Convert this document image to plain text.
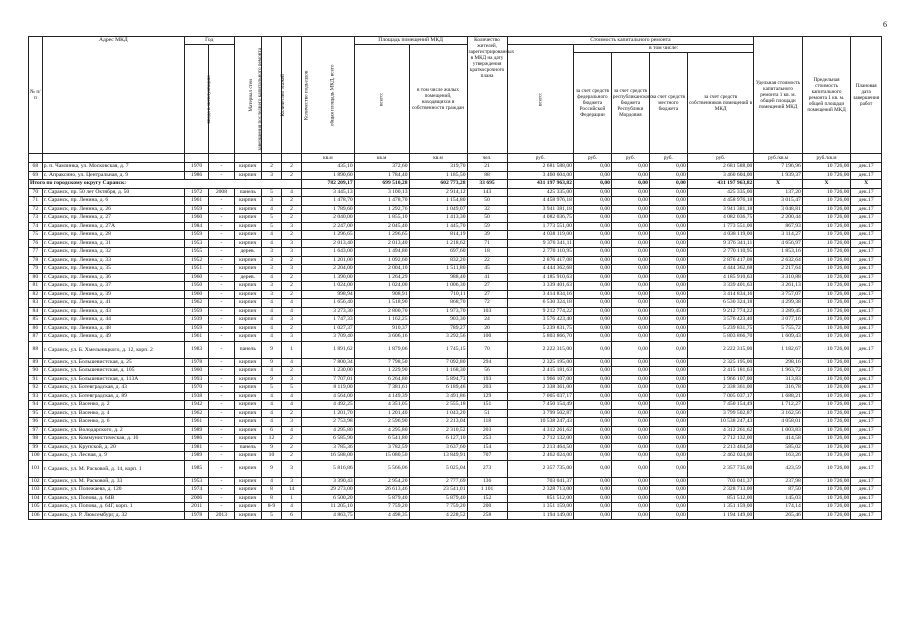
6
№ п/п	Адрес МКД	Год		Материал стен	Количество этажей	Количество подъездов	общая площадь МКД, всего	Площадь помещений МКД		Количество жителей, зарегистрированных в МКД на дату утверждения краткосрочного плана	Стоимость капитального ремонта					Удельная стоимость капитального ремонта 1 кв. м. общей площади помещений МКД	Предельная стоимость капитального ремонта 1 кв. м. общей площади помещений МКД	Плановая дата завершения работ
		ввода в эксплуатацию	завершения последнего капитального ремонта					всего:	в том числе жилых помещений, находящихся в собственности граждан		всего:	в том числе:						
												за счет средств федерального бюджета Российской Федерации	за счет средств республиканского бюджета Республики Мордовия	за счет средств местного бюджета	за счет средств собственников помещений в МКД			
							кв.м	кв.м	кв.м	чел.	руб.	руб.	руб.	руб.	руб.	руб./кв.м	руб./кв.м	
68	р. п. Чамзинка, ул. Московская, д. 7	1970	-	кирпич	2	2	435,10	372,60	319,70	21	2 681 588,00	0,00	0,00	0,00	2 681 588,00	7 196,96	10 726,00	дек.17
69	с. Апраксино, ул. Центральная, д. 9	1986	-	кирпич	3	2	1 890,60	1 784,40	1 185,50	88	3 460 604,00	0,00	0,00	0,00	3 460 604,00	1 939,37	10 726,00	дек.17
Итого по городскому округу Саранск:							782 209,17	699 510,28	602 773,28	33 695	431 197 963,82	0,00	0,00	0,00	431 197 963,82	Х	Х	Х
70	г. Саранск, пр. 50 лет Октября, д. 50	1972	2008	панель	5	4	3 445,13	3 100,13	2 914,12	143	425 335,00	0,00	0,00	0,00	425 335,00	137,20	10 726,00	дек.17
71	г. Саранск, пр. Ленина, д. 6	1961	-	кирпич	3	2	1 478,70	1 478,70	1 154,80	50	4 458 976,18	0,00	0,00	0,00	4 458 976,18	3 015,47	10 726,00	дек.17
72	г. Саранск, пр. Ленина, д. 26	1959	-	кирпич	4	2	1 789,60	1 292,76	1 049,07	32	3 941 381,18	0,00	0,00	0,00	3 941 381,18	3 048,81	10 726,00	дек.17
73	г. Саранск, пр. Ленина, д. 27	1960	-	кирпич	5	2	2 040,00	1 855,10	1 413,30	50	4 082 036,75	0,00	0,00	0,00	4 082 036,75	2 200,44	10 726,00	дек.17
74	г. Саранск, пр. Ленина, д. 27А	1984	-	кирпич	5	3	2 247,00	2 045,40	1 445,70	59	1 773 551,00	0,00	0,00	0,00	1 773 551,00	867,93	10 726,00	дек.17
75	г. Саранск, пр. Ленина, д. 28	1959	-	кирпич	4	2	1 296,65	1 296,65	814,19	39	4 038 119,00	0,00	0,00	0,00	4 038 119,00	3 114,27	10 726,00	дек.17
76	г. Саранск, пр. Ленина, д. 31	1953	-	кирпич	4	3	2 013,40	2 013,40	1 218,62	71	9 376 341,11	0,00	0,00	0,00	9 376 341,11	4 656,97	10 726,00	дек.17
77	г. Саранск, пр. Ленина, д. 32	1955	-	дерев.	3	3	1 643,00	1 494,80	697,60	18	2 770 110,95	0,00	0,00	0,00	2 770 110,95	1 853,16	10 726,00	дек.17
78	г. Саранск, пр. Ленина, д. 33	1952	-	кирпич	3	2	1 201,00	1 092,60	832,20	22	2 876 417,08	0,00	0,00	0,00	2 876 417,08	2 632,64	10 726,00	дек.17
79	г. Саранск, пр. Ленина, д. 35	1951	-	кирпич	3	3	2 204,00	2 004,10	1 511,80	45	4 444 362,68	0,00	0,00	0,00	4 444 362,68	2 217,64	10 726,00	дек.17
80	г. Саранск, пр. Ленина, д. 36	1960	-	дерев.	4	2	1 390,00	1 264,29	988,40	41	4 185 910,63	0,00	0,00	0,00	4 185 910,63	3 310,88	10 726,00	дек.17
81	г. Саранск, пр. Ленина, д. 37	1950	-	кирпич	3	2	1 024,00	1 024,00	1 006,30	27	3 339 401,63	0,00	0,00	0,00	3 339 401,63	3 261,13	10 726,00	дек.17
82	г. Саранск, пр. Ленина, д. 39	1960	-	кирпич	3	2	998,94	908,91	710,11	27	3 414 834,16	0,00	0,00	0,00	3 414 834,16	3 757,07	10 726,00	дек.17
83	г. Саранск, пр. Ленина, д. 41	1962	-	кирпич	4	4	1 656,40	1 518,90	868,70	72	6 530 324,18	0,00	0,00	0,00	6 530 324,18	4 299,38	10 726,00	дек.17
84	г. Саранск, пр. Ленина, д. 43	1959	-	кирпич	4	4	3 273,30	2 800,70	1 973,70	103	9 212 774,22	0,00	0,00	0,00	9 212 774,22	3 289,45	10 726,00	дек.17
85	г. Саранск, пр. Ленина, д. 44	1939	-	кирпич	4	3	1 747,33	1 162,25	903,30	24	3 576 423,40	0,00	0,00	0,00	3 576 423,40	3 077,16	10 726,00	дек.17
86	г. Саранск, пр. Ленина, д. 48	1959	-	кирпич	4	2	1 027,37	910,37	789,27	20	5 239 831,75	0,00	0,00	0,00	5 239 831,75	5 755,72	10 726,00	дек.17
87	г. Саранск, пр. Ленина, д. 49	1961	-	кирпич	4	3	3 709,40	3 606,16	3 292,56	100	5 803 866,70	0,00	0,00	0,00	5 803 866,70	1 609,43	10 726,00	дек.17
88	г. Саранск, ул. Б. Хмельницкого, д. 12, корп. 2	1983	-	панель	9	1	1 891,62	1 879,06	1 745,15	70	2 222 315,00	0,00	0,00	0,00	2 222 315,00	1 182,67	10 726,00	дек.17
89	г. Саранск, ул. Большевистская, д. 25	1978	-	кирпич	9	4	7 800,34	7 798,50	7 092,80	294	2 325 195,00	0,00	0,00	0,00	2 325 195,00	298,16	10 726,00	дек.17
90	г. Саранск, ул. Большевистская, д. 105	1960	-	кирпич	4	2	1 230,00	1 229,90	1 168,30	56	2 415 181,63	0,00	0,00	0,00	2 415 181,63	1 963,72	10 726,00	дек.17
91	г. Саранск, ул. Большевистская, д. 113А	1993	-	кирпич	9	3	7 707,01	6 264,80	5 894,73	193	1 966 107,00	0,00	0,00	0,00	1 966 107,00	313,83	10 726,00	дек.17
92	г. Саранск, ул. Ботевградская, д. 43	1970	-	кирпич	5	5	8 119,00	7 381,61	6 189,46	203	2 338 361,00	0,00	0,00	0,00	2 338 361,00	316,78	10 726,00	дек.17
93	г. Саранск, ул. Ботевградская, д. 89	1938	-	кирпич	4	4	4 564,00	4 149,39	3 491,86	129	7 005 037,17	0,00	0,00	0,00	7 005 037,17	1 688,21	10 726,00	дек.17
94	г. Саранск, ул. Васенко, д. 2	1942	-	кирпич	4	4	4 492,25	4 351,05	2 555,18	151	7 450 154,49	0,00	0,00	0,00	7 450 154,49	1 712,27	10 726,00	дек.17
95	г. Саранск, ул. Васенко, д. 4	1962	-	кирпич	4	2	1 201,70	1 201,40	1 043,20	51	3 799 502,87	0,00	0,00	0,00	3 799 502,87	3 162,56	10 726,00	дек.17
96	г. Саранск, ул. Васенко, д. 6	1961	-	кирпич	4	3	2 753,98	2 596,90	2 213,04	118	10 538 247,43	0,00	0,00	0,00	10 538 247,43	4 058,01	10 726,00	дек.17
97	г. Саранск, ул. Володарского, д. 2	1989	-	кирпич	6	4	4 295,80	4 295,80	2 310,52	203	4 312 261,62	0,00	0,00	0,00	4 312 261,62	1 003,83	10 726,00	дек.17
98	г. Саранск, ул. Коммунистическая, д. 16	1986	-	кирпич	12	2	6 585,90	6 541,80	6 127,10	253	2 712 132,00	0,00	0,00	0,00	2 712 132,00	414,58	10 726,00	дек.17
99	г. Саранск, ул. Крупской, д. 20	1981	-	панель	9	2	3 785,36	3 782,59	3 637,60	154	2 213 464,50	0,00	0,00	0,00	2 213 464,50	585,02	10 726,00	дек.17
100	г. Саранск, ул. Лесная, д. 9	1989	-	кирпич	10	2	16 588,00	15 080,50	13 849,91	707	2 462 024,00	0,00	0,00	0,00	2 462 024,00	163,26	10 726,00	дек.17
101	г. Саранск, ул. М. Расковой, д. 14, корп. 1	1985	-	кирпич	9	3	5 816,86	5 566,06	5 025,04	273	2 357 735,00	0,00	0,00	0,00	2 357 735,00	423,59	10 726,00	дек.17
102	г. Саранск, ул. М. Расковой, д. 33	1953	-	кирпич	4	3	3 390,43	2 954,20	2 777,69	136	703 041,37	0,00	0,00	0,00	703 041,37	237,98	10 726,00	дек.17
103	г. Саранск, ул. Полежаева, д. 120	1974	-	кирпич	8	14	29 273,00	26 613,46	23 541,01	1 101	2 328 713,00	0,00	0,00	0,00	2 328 713,00	87,50	10 726,00	дек.17
104	г. Саранск, ул. Попова, д. 64В	2006	-	кирпич	8	1	6 500,20	5 879,40	5 879,40	152	851 512,00	0,00	0,00	0,00	851 512,00	145,03	10 726,00	дек.17
105	г. Саранск, ул. Попова, д. 64Г, корп. 1	2011	-	кирпич	8-9	4	11 205,10	7 759,20	7 759,20	200	1 351 159,00	0,00	0,00	0,00	1 351 159,00	174,14	10 726,00	дек.17
106	г. Саранск, ул. Р. Люксембург, д. 32	1978	2013	кирпич	5	6	4 863,75	4 498,35	4 228,52	258	1 194 149,00	0,00	0,00	0,00	1 194 149,00	265,46	10 726,00	дек.17
